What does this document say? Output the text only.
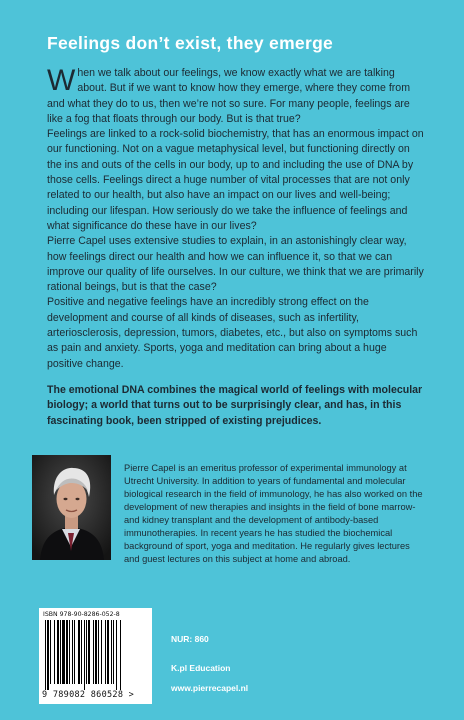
Feelings don’t exist, they emerge

When we talk about our feelings, we know exactly what we are talking about. But if we want to know how they emerge, where they come from and what they do to us, then we’re not so sure. For many people, feelings are like a fog that floats through our body. But is that true?

Feelings are linked to a rock-solid biochemistry, that has an enormous impact on our functioning. Not on a vague metaphysical level, but functioning directly on the ins and outs of the cells in our body, up to and including the use of DNA by those cells. Feelings direct a huge number of vital processes that are not only related to our health, but also have an impact on our lives and well-being; including our lifespan. How seriously do we take the influence of feelings and what significance do these have in our lives?

Pierre Capel uses extensive studies to explain, in an astonishingly clear way, how feelings direct our health and how we can influence it, so that we can improve our quality of life ourselves. In our culture, we think that we are primarily rational beings, but is that the case?

Positive and negative feelings have an incredibly strong effect on the development and course of all kinds of diseases, such as infertility, arteriosclerosis, depression, tumors, diabetes, etc., but also on symptoms such as pain and anxiety. Sports, yoga and meditation can bring about a huge positive change.

The emotional DNA combines the magical world of feelings with molecular biology; a world that turns out to be surprisingly clear, and has, in this fascinating book, been stripped of existing prejudices.
Pierre Capel is an emeritus professor of experimental immunology at Utrecht University. In addition to years of fundamental and molecular biological research in the field of immunology, he has also worked on the development of new therapies and insights in the field of bone marrow- and kidney transplant and the development of antibody-based immunotherapies. In recent years he has studied the biochemical background of sport, yoga and meditation. He regularly gives lectures and guest lectures on this subject at home and abroad.
ISBN 978-90-8286-052-8
9 789082 860528 >
NUR: 860
K.pl Education
www.pierrecapel.nl
